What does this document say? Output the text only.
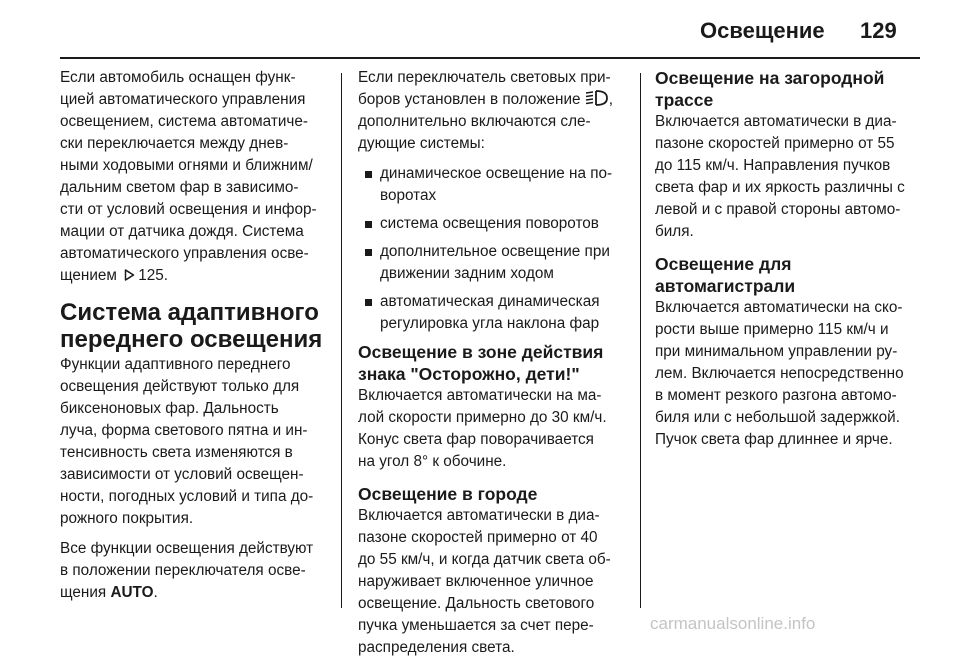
Освещение 129

Если автомобиль оснащен функ-
цией автоматического управления
освещением, система автоматиче-
ски переключается между днев-
ными ходовыми огнями и ближним/
дальним светом фар в зависимо-
сти от условий освещения и инфор-
мации от датчика дождя. Система
автоматического управления осве-
щением 125.

Система адаптивного
переднего освещения

Функции адаптивного переднего
освещения действуют только для
биксеноновых фар. Дальность
луча, форма светового пятна и ин-
тенсивность света изменяются в
зависимости от условий освещен-
ности, погодных условий и типа до-
рожного покрытия.

Все функции освещения действуют
в положении переключателя осве-
щения AUTO.

Если переключатель световых при-
боров установлен в положение ,
дополнительно включаются сле-
дующие системы:

динамическое освещение на по-
воротах
система освещения поворотов
дополнительное освещение при
движении задним ходом
автоматическая динамическая
регулировка угла наклона фар
Освещение в зоне действия
знака "Осторожно, дети!"
Включается автоматически на ма-
лой скорости примерно до 30 км/ч.
Конус света фар поворачивается
на угол 8° к обочине.
Освещение в городе
Включается автоматически в диа-
пазоне скоростей примерно от 40
до 55 км/ч, и когда датчик света об-
наруживает включенное уличное
освещение. Дальность светового
пучка уменьшается за счет пере-
распределения света.
Освещение на загородной
трассе
Включается автоматически в диа-
пазоне скоростей примерно от 55
до 115 км/ч. Направления пучков
света фар и их яркость различны с
левой и с правой стороны автомо-
биля.
Освещение для
автомагистрали
Включается автоматически на ско-
рости выше примерно 115 км/ч и
при минимальном управлении ру-
лем. Включается непосредственно
в момент резкого разгона автомо-
биля или с небольшой задержкой.
Пучок света фар длиннее и ярче.
carmanualsonline.info
